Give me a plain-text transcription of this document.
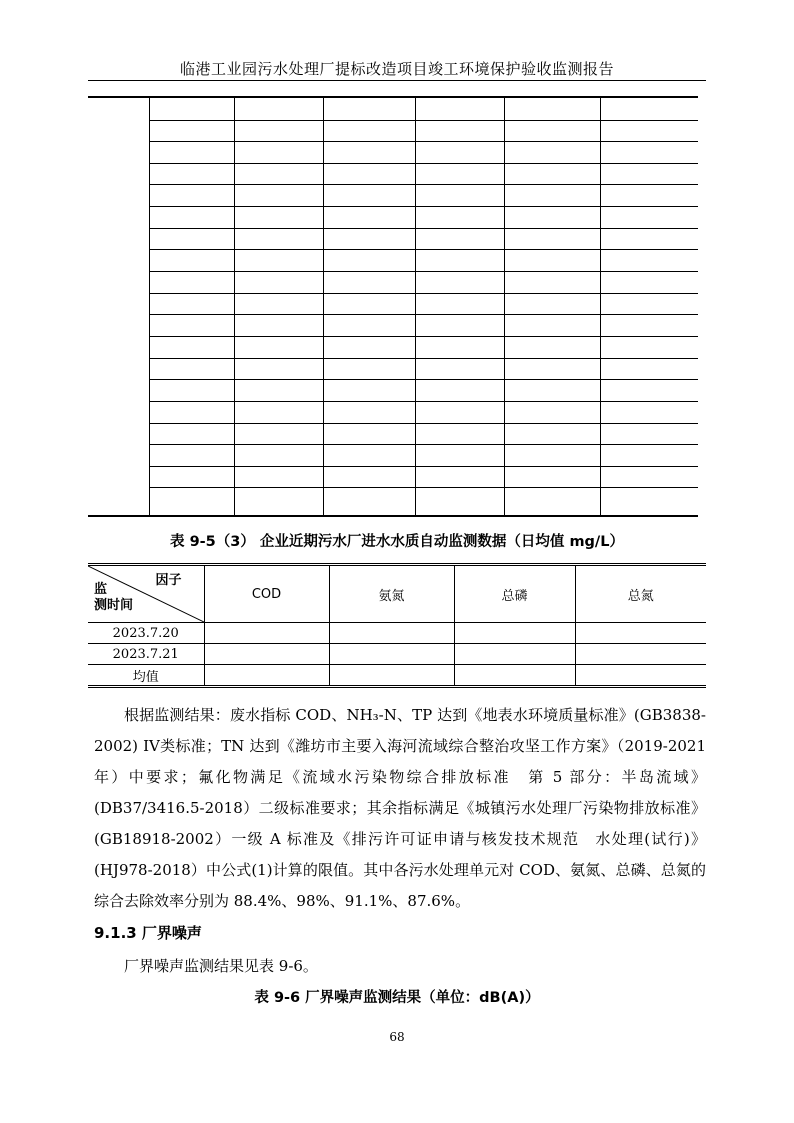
临港工业园污水处理厂提标改造项目竣工环境保护验收监测报告
表 9-5（3） 企业近期污水厂进水水质自动监测数据（日均值 mg/L）
因子
监
测时间	COD	氨氮	总磷	总氮
2023.7.20				
2023.7.21				
均值				

根据监测结果：废水指标 COD、NH₃-N、TP 达到《地表水环境质量标准》(GB3838-2002) IV类标准；TN 达到《潍坊市主要入海河流域综合整治攻坚工作方案》（2019-2021 年）中要求；氟化物满足《流域水污染物综合排放标准　第 5 部分：半岛流域》(DB37/3416.5-2018）二级标准要求；其余指标满足《城镇污水处理厂污染物排放标准》(GB18918-2002）一级 A 标准及《排污许可证申请与核发技术规范　水处理(试行)》(HJ978-2018）中公式(1)计算的限值。其中各污水处理单元对 COD、氨氮、总磷、总氮的综合去除效率分别为 88.4%、98%、91.1%、87.6%。

9.1.3 厂界噪声
厂界噪声监测结果见表 9-6。
表 9-6 厂界噪声监测结果（单位：dB(A)）
68
